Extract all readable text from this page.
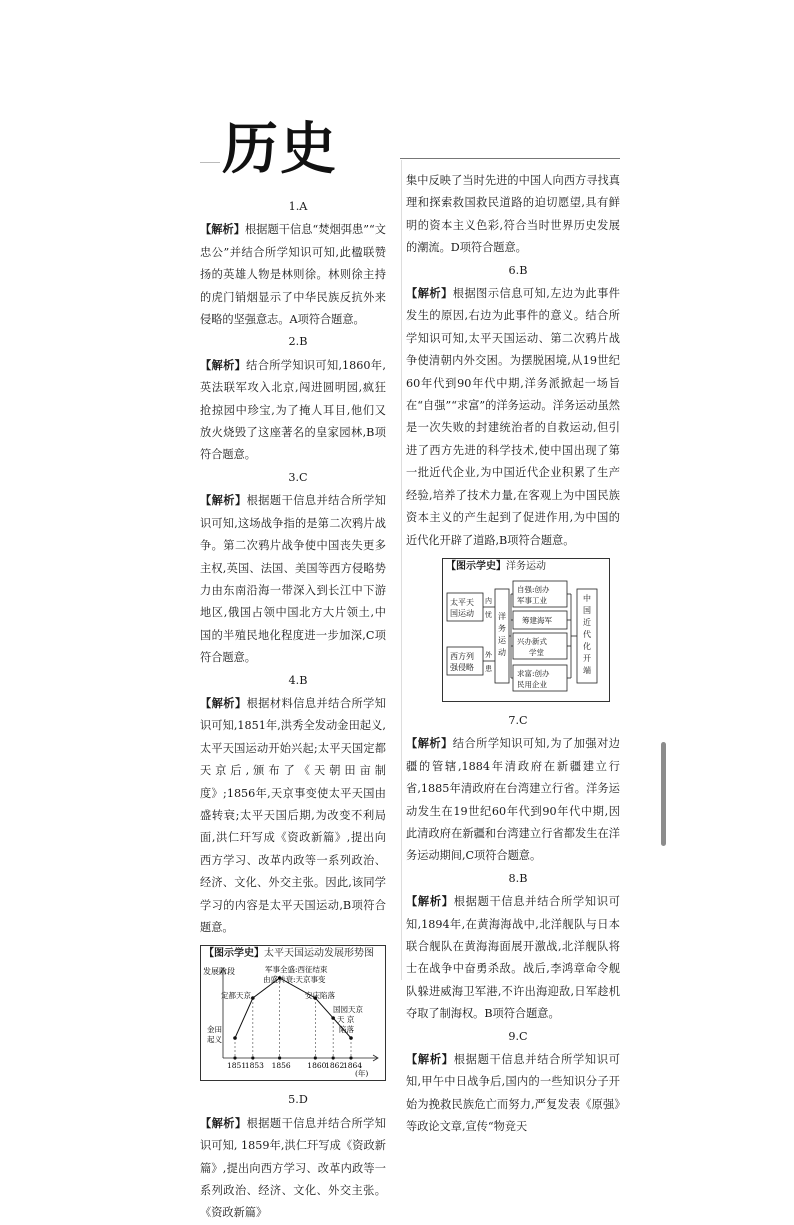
历史
1.A
【解析】根据题干信息“焚烟弭患”“文忠公”并结合所学知识可知,此楹联赞扬的英雄人物是林则徐。林则徐主持的虎门销烟显示了中华民族反抗外来侵略的坚强意志。A项符合题意。
2.B
【解析】结合所学知识可知,1860年,英法联军攻入北京,闯进圆明园,疯狂抢掠园中珍宝,为了掩人耳目,他们又放火烧毁了这座著名的皇家园林,B项符合题意。
3.C
【解析】根据题干信息并结合所学知识可知,这场战争指的是第二次鸦片战争。第二次鸦片战争使中国丧失更多主权,英国、法国、美国等西方侵略势力由东南沿海一带深入到长江中下游地区,俄国占领中国北方大片领土,中国的半殖民地化程度进一步加深,C项符合题意。
4.B
【解析】根据材料信息并结合所学知识可知,1851年,洪秀全发动金田起义,太平天国运动开始兴起;太平天国定都天京后,颁布了《天朝田亩制度》;1856年,天京事变使太平天国由盛转衰;太平天国后期,为改变不利局面,洪仁玕写成《资政新篇》,提出向西方学习、改革内政等一系列政治、经济、文化、外交主张。因此,该同学学习的内容是太平天国运动,B项符合题意。
【图示学史】太平天国运动发展形势图
发展阶段
(年)
1851
1853 1856 1860
1862
1864
金田
起义
定都天京
军事全盛:西征结束
由盛转衰:天京事变
安庆陷落
国园天京
天 京
陷落
5.D
【解析】根据题干信息并结合所学知识可知, 1859年,洪仁玕写成《资政新篇》,提出向西方学习、改革内政等一系列政治、经济、文化、外交主张。《资政新篇》
集中反映了当时先进的中国人向西方寻找真理和探索救国救民道路的迫切愿望,具有鲜明的资本主义色彩,符合当时世界历史发展的潮流。D项符合题意。
6.B
【解析】根据图示信息可知,左边为此事件发生的原因,右边为此事件的意义。结合所学知识可知,太平天国运动、第二次鸦片战争使清朝内外交困。为摆脱困境,从19世纪60年代到90年代中期,洋务派掀起一场旨在“自强”“求富”的洋务运动。洋务运动虽然是一次失败的封建统治者的自救运动,但引进了西方先进的科学技术,使中国出现了第一批近代企业,为中国近代企业积累了生产经验,培养了技术力量,在客观上为中国民族资本主义的产生起到了促进作用,为中国的近代化开辟了道路,B项符合题意。
【图示学史】洋务运动
太平天
国运动
西方列
强侵略
内
忧
外
患
洋
务
运
动
自强:创办
军事工业
筹建海军
兴办新式
学堂
求富:创办
民用企业
中
国
近
代
化
开
端
7.C
【解析】结合所学知识可知,为了加强对边疆的管辖,1884年清政府在新疆建立行省,1885年清政府在台湾建立行省。洋务运动发生在19世纪60年代到90年代中期,因此清政府在新疆和台湾建立行省都发生在洋务运动期间,C项符合题意。
8.B
【解析】根据题干信息并结合所学知识可知,1894年,在黄海海战中,北洋舰队与日本联合舰队在黄海海面展开激战,北洋舰队将士在战争中奋勇杀敌。战后,李鸿章命令舰队躲进威海卫军港,不许出海迎敌,日军趁机夺取了制海权。B项符合题意。
9.C
【解析】根据题干信息并结合所学知识可知,甲午中日战争后,国内的一些知识分子开始为挽救民族危亡而努力,严复发表《原强》等政论文章,宣传“物竞天
